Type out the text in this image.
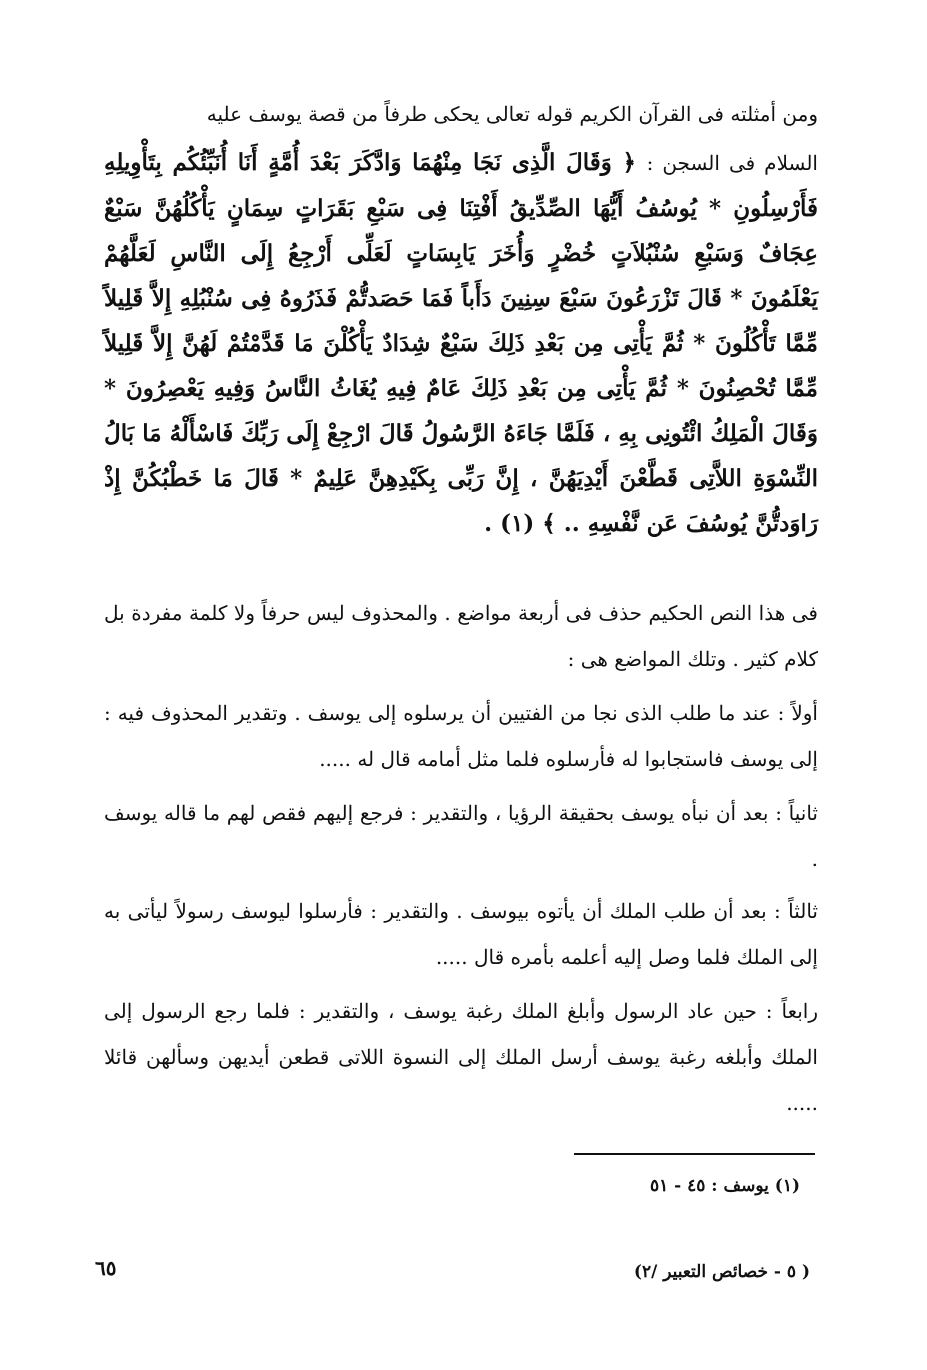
ومن أمثلته فى القرآن الكريم قوله تعالى يحكى طرفاً من قصة يوسف عليه
السلام فى السجن : ﴿ وَقَالَ الَّذِى نَجَا مِنْهُمَا وَادَّكَرَ بَعْدَ أُمَّةٍ أَنَا أُنَبِّئُكُم بِتَأْوِيلِهِ فَأَرْسِلُونِ * يُوسُفُ أَيُّهَا الصِّدِّيقُ أَفْتِنَا فِى سَبْعِ بَقَرَاتٍ سِمَانٍ يَأْكُلُهُنَّ سَبْعٌ عِجَافٌ وَسَبْعِ سُنْبُلاَتٍ خُضْرٍ وَأُخَرَ يَابِسَاتٍ لَعَلِّى أَرْجِعُ إِلَى النَّاسِ لَعَلَّهُمْ يَعْلَمُونَ * قَالَ تَزْرَعُونَ سَبْعَ سِنِينَ دَأَباً فَمَا حَصَدتُّمْ فَذَرُوهُ فِى سُنْبُلِهِ إِلاَّ قَلِيلاً مِّمَّا تَأْكُلُونَ * ثُمَّ يَأْتِى مِن بَعْدِ ذَلِكَ سَبْعٌ شِدَادٌ يَأْكُلْنَ مَا قَدَّمْتُمْ لَهُنَّ إِلاَّ قَلِيلاً مِّمَّا تُحْصِنُونَ * ثُمَّ يَأْتِى مِن بَعْدِ ذَلِكَ عَامٌ فِيهِ يُغَاثُ النَّاسُ وَفِيهِ يَعْصِرُونَ * وَقَالَ الْمَلِكُ ائْتُونِى بِهِ ، فَلَمَّا جَاءَهُ الرَّسُولُ قَالَ ارْجِعْ إِلَى رَبِّكَ فَاسْأَلْهُ مَا بَالُ النِّسْوَةِ اللاَّتِى قَطَّعْنَ أَيْدِيَهُنَّ ، إِنَّ رَبِّى بِكَيْدِهِنَّ عَلِيمٌ * قَالَ مَا خَطْبُكُنَّ إِذْ رَاوَدتُّنَّ يُوسُفَ عَن نَّفْسِهِ .. ﴾ (١) .
فى هذا النص الحكيم حذف فى أربعة مواضع . والمحذوف ليس حرفاً ولا كلمة مفردة بل كلام كثير . وتلك المواضع هى :
أولاً : عند ما طلب الذى نجا من الفتيين أن يرسلوه إلى يوسف . وتقدير المحذوف فيه : إلى يوسف فاستجابوا له فأرسلوه فلما مثل أمامه قال له .....
ثانياً : بعد أن نبأه يوسف بحقيقة الرؤيا ، والتقدير : فرجع إليهم فقص لهم ما قاله يوسف .
ثالثاً : بعد أن طلب الملك أن يأتوه بيوسف . والتقدير : فأرسلوا ليوسف رسولاً ليأتى به إلى الملك فلما وصل إليه أعلمه بأمره قال .....
رابعاً : حين عاد الرسول وأبلغ الملك رغبة يوسف ، والتقدير : فلما رجع الرسول إلى الملك وأبلغه رغبة يوسف أرسل الملك إلى النسوة اللاتى قطعن أيديهن وسألهن قائلا .....
(١) يوسف : ٤٥ - ٥١
٦٥	( ٥ - خصائص التعبير /٢)
